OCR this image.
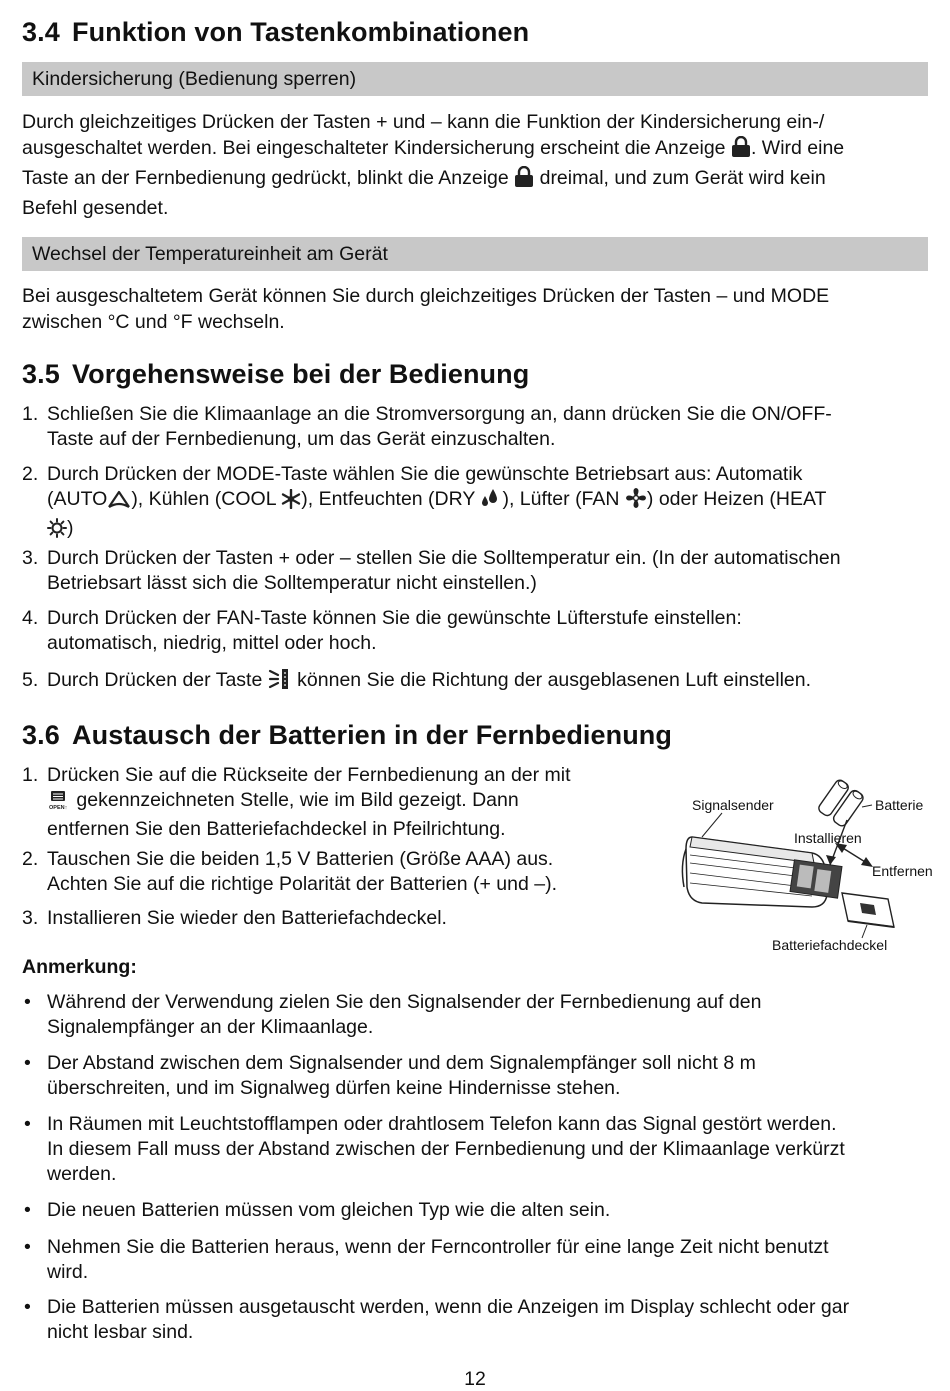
3.4 Funktion von Tastenkombinationen
Kindersicherung (Bedienung sperren)
Durch gleichzeitiges Drücken der Tasten + und – kann die Funktion der Kindersicherung ein-/
ausgeschaltet werden. Bei eingeschalteter Kindersicherung erscheint die Anzeige . Wird eine
Taste an der Fernbedienung gedrückt, blinkt die Anzeige dreimal, und zum Gerät wird kein
Befehl gesendet.
Wechsel der Temperatureinheit am Gerät
Bei ausgeschaltetem Gerät können Sie durch gleichzeitiges Drücken der Tasten – und MODE
zwischen °C und °F wechseln.
3.5 Vorgehensweise bei der Bedienung
1. Schließen Sie die Klimaanlage an die Stromversorgung an, dann drücken Sie die ON/OFF-
Taste auf der Fernbedienung, um das Gerät einzuschalten.
2. Durch Drücken der MODE-Taste wählen Sie die gewünschte Betriebsart aus: Automatik
(AUTO ), Kühlen (COOL ), Entfeuchten (DRY ), Lüfter (FAN ) oder Heizen (HEAT
)
3. Durch Drücken der Tasten + oder – stellen Sie die Solltemperatur ein. (In der automatischen
Betriebsart lässt sich die Solltemperatur nicht einstellen.)
4. Durch Drücken der FAN-Taste können Sie die gewünschte Lüfterstufe einstellen:
automatisch, niedrig, mittel oder hoch.
5. Durch Drücken der Taste können Sie die Richtung der ausgeblasenen Luft einstellen.
3.6 Austausch der Batterien in der Fernbedienung
1. Drücken Sie auf die Rückseite der Fernbedienung an der mit
OPEN↑ gekennzeichneten Stelle, wie im Bild gezeigt. Dann
entfernen Sie den Batteriefachdeckel in Pfeilrichtung.
2. Tauschen Sie die beiden 1,5 V Batterien (Größe AAA) aus.
Achten Sie auf die richtige Polarität der Batterien (+ und –).
3. Installieren Sie wieder den Batteriefachdeckel.
Signalsender	Batterie
Installieren
Entfernen
Batteriefachdeckel
Anmerkung:
• Während der Verwendung zielen Sie den Signalsender der Fernbedienung auf den
Signalempfänger an der Klimaanlage.
• Der Abstand zwischen dem Signalsender und dem Signalempfänger soll nicht 8 m
überschreiten, und im Signalweg dürfen keine Hindernisse stehen.
• In Räumen mit Leuchtstofflampen oder drahtlosem Telefon kann das Signal gestört werden.
In diesem Fall muss der Abstand zwischen der Fernbedienung und der Klimaanlage verkürzt
werden.
• Die neuen Batterien müssen vom gleichen Typ wie die alten sein.
• Nehmen Sie die Batterien heraus, wenn der Ferncontroller für eine lange Zeit nicht benutzt
wird.
• Die Batterien müssen ausgetauscht werden, wenn die Anzeigen im Display schlecht oder gar
nicht lesbar sind.
12
